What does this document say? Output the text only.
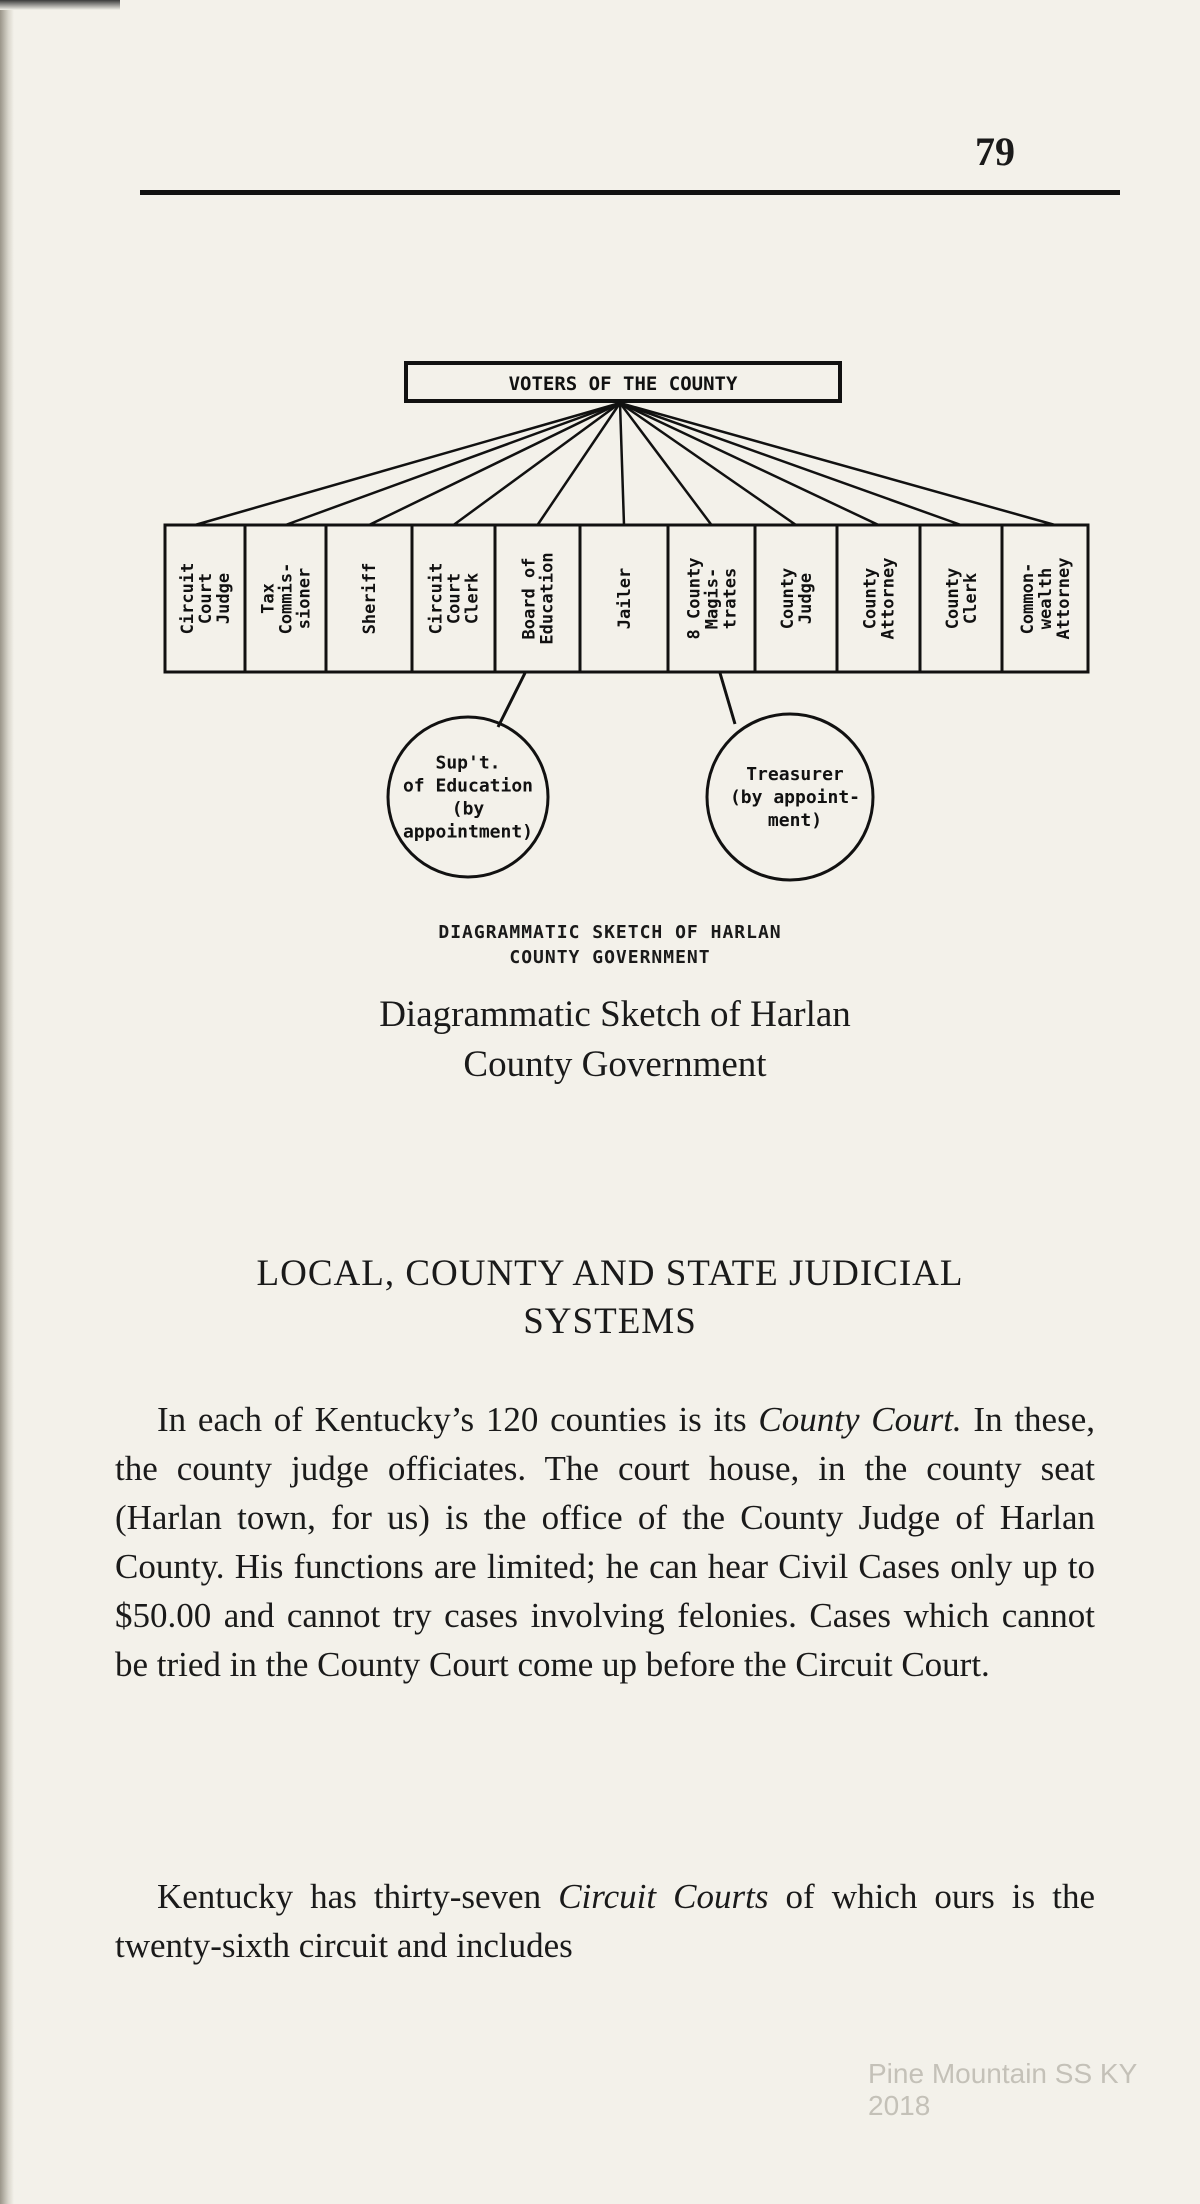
79
VOTERS OF THE COUNTY
Circuit
Court
Judge Tax
Commis-
sioner	Sheriff	Circuit
Court
Clerk Board of
Education	Jailer	8 County
Magis-
trates County
Judge	County
Attorney	County
Clerk Common-
wealth
Attorney
Sup't.
of Education
(by
appointment)
Treasurer
(by appoint-
ment)
DIAGRAMMATIC SKETCH OF HARLAN
COUNTY GOVERNMENT
Diagrammatic Sketch of Harlan
County Government
LOCAL, COUNTY AND STATE JUDICIAL
SYSTEMS
In each of Kentucky’s 120 counties is its County Court. In these, the county judge officiates. The court house, in the county seat (Harlan town, for us) is the office of the County Judge of Harlan County. His functions are limited; he can hear Civil Cases only up to $50.00 and cannot try cases involving felonies. Cases which cannot be tried in the County Court come up before the Circuit Court.
Kentucky has thirty-seven Circuit Courts of which ours is the twenty-sixth circuit and includes
Pine Mountain SS KY 2018
